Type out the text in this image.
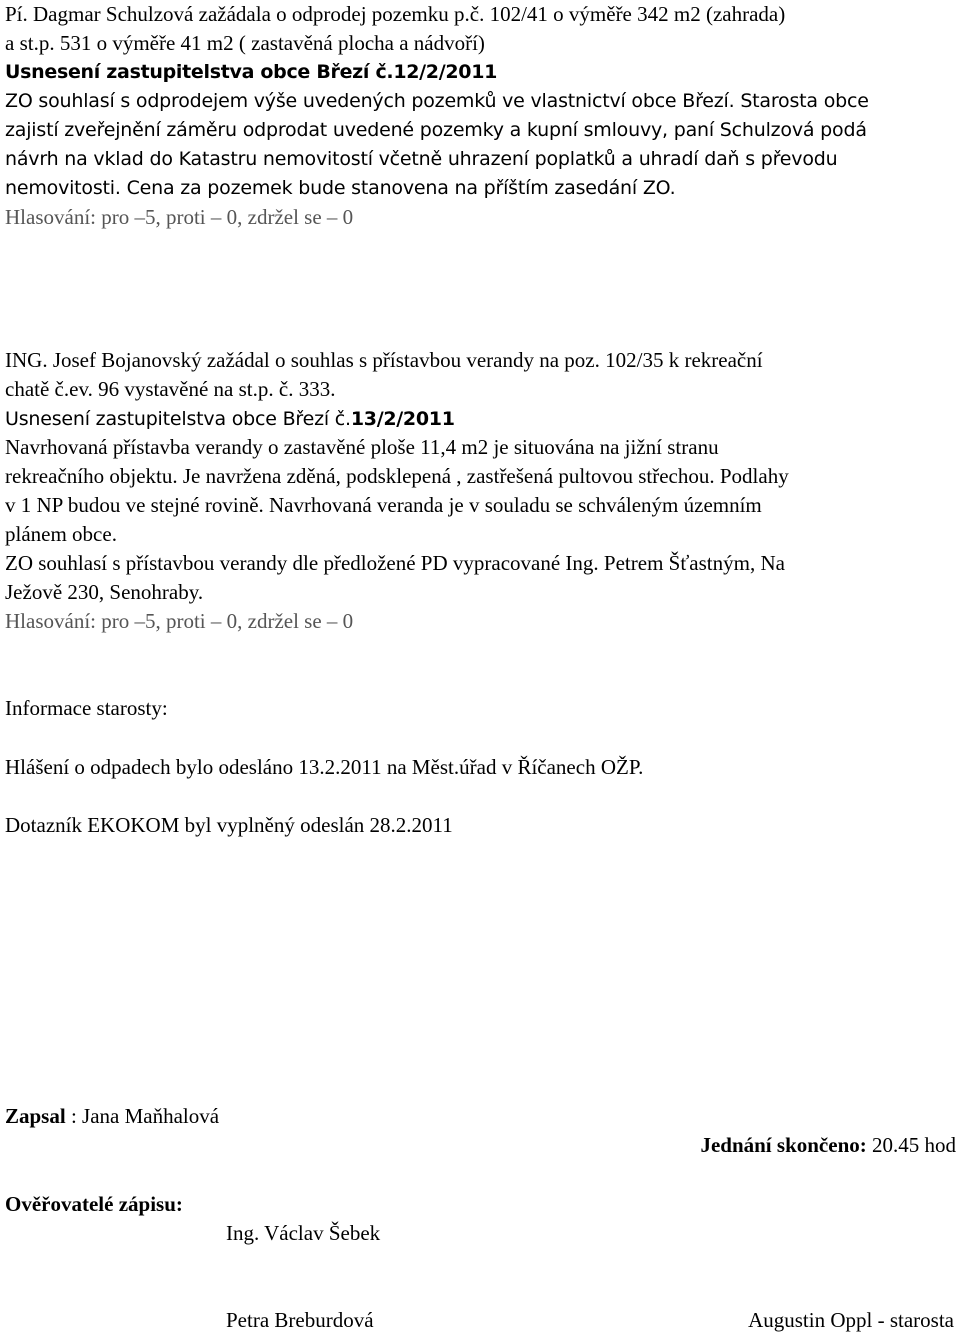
Pí. Dagmar Schulzová zažádala o odprodej pozemku p.č. 102/41 o výměře 342 m2 (zahrada)
a st.p. 531 o výměře 41 m2 ( zastavěná plocha a nádvoří)
Usnesení zastupitelstva obce Březí č.12/2/2011
ZO souhlasí s odprodejem výše uvedených pozemků ve vlastnictví obce Březí. Starosta obce
zajistí zveřejnění záměru odprodat uvedené pozemky a kupní smlouvy, paní Schulzová podá
návrh na vklad do Katastru nemovitostí včetně uhrazení poplatků a uhradí daň s převodu
nemovitosti. Cena za pozemek bude stanovena na příštím zasedání ZO.
Hlasování: pro –5, proti – 0, zdržel se – 0
ING. Josef Bojanovský zažádal o souhlas s přístavbou verandy na poz. 102/35 k rekreační
chatě č.ev. 96 vystavěné na st.p. č. 333.
Usnesení zastupitelstva obce Březí č.13/2/2011
Navrhovaná přístavba verandy o zastavěné ploše 11,4 m2 je situována na jižní stranu
rekreačního objektu. Je navržena zděná, podsklepená , zastřešená pultovou střechou. Podlahy
v 1 NP budou ve stejné rovině. Navrhovaná veranda je v souladu se schváleným územním
plánem obce.
ZO souhlasí s přístavbou verandy dle předložené PD vypracované Ing. Petrem Šťastným, Na
Ježově 230, Senohraby.
Hlasování: pro –5, proti – 0, zdržel se – 0
Informace starosty:
Hlášení o odpadech bylo odesláno 13.2.2011 na Měst.úřad v Říčanech OŽP.
Dotazník EKOKOM byl vyplněný odeslán 28.2.2011
Zapsal : Jana Maňhalová
Jednání skončeno: 20.45 hod
Ověřovatelé zápisu:
Ing. Václav Šebek
Petra Breburdová	Augustin Oppl - starosta
